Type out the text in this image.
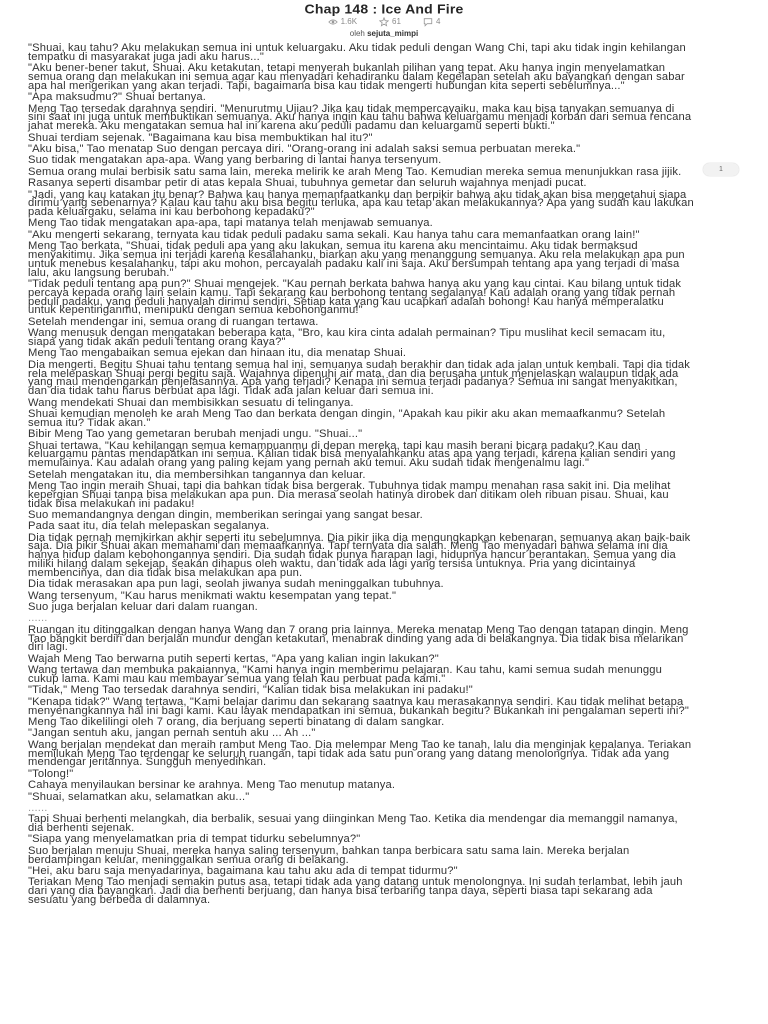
Chap 148 : Ice And Fire
1.6K	61	4
oleh sejuta_mimpi

"Shuai, kau tahu? Aku melakukan semua ini untuk keluargaku. Aku tidak peduli dengan Wang Chi, tapi aku tidak ingin kehilangan tempatku di masyarakat juga jadi aku harus..."

"Aku bener-bener takut, Shuai. Aku ketakutan, tetapi menyerah bukanlah pilihan yang tepat. Aku hanya ingin menyelamatkan semua orang dan melakukan ini semua agar kau menyadari kehadiranku dalam kegelapan setelah aku bayangkan dengan sabar apa hal mengerikan yang akan terjadi. Tapi, bagaimana bisa kau tidak mengerti hubungan kita seperti sebelumnya..."

"Apa maksudmu?" Shuai bertanya.

Meng Tao tersedak darahnya sendiri. "Menurutmu Ujiau? Jika kau tidak mempercayaiku, maka kau bisa tanyakan semuanya di sini saat ini juga untuk membuktikan semuanya. Aku hanya ingin kau tahu bahwa keluargamu menjadi korban dari semua rencana jahat mereka. Aku mengatakan semua hal ini karena aku peduli padamu dan keluargamu seperti bukti."

Shuai terdiam sejenak. "Bagaimana kau bisa membuktikan hal itu?"

"Aku bisa," Tao menatap Suo dengan percaya diri. "Orang-orang ini adalah saksi semua perbuatan mereka."

Suo tidak mengatakan apa-apa. Wang yang berbaring di lantai hanya tersenyum.

Semua orang mulai berbisik satu sama lain, mereka melirik ke arah Meng Tao. Kemudian mereka semua menunjukkan rasa jijik.

Rasanya seperti disambar petir di atas kepala Shuai, tubuhnya gemetar dan seluruh wajahnya menjadi pucat.

"Jadi, yang kau katakan itu benar? Bahwa kau hanya memanfaatkanku dan berpikir bahwa aku tidak akan bisa mengetahui siapa dirimu yang sebenarnya? Kalau kau tahu aku bisa begitu terluka, apa kau tetap akan melakukannya? Apa yang sudah kau lakukan pada keluargaku, selama ini kau berbohong kepadaku?"

Meng Tao tidak mengatakan apa-apa, tapi matanya telah menjawab semuanya.

"Aku mengerti sekarang, ternyata kau tidak peduli padaku sama sekali. Kau hanya tahu cara memanfaatkan orang lain!"

Meng Tao berkata, "Shuai, tidak peduli apa yang aku lakukan, semua itu karena aku mencintaimu. Aku tidak bermaksud menyakitimu. Jika semua ini terjadi karena kesalahanku, biarkan aku yang menanggung semuanya. Aku rela melakukan apa pun untuk menebus kesalahanku, tapi aku mohon, percayalah padaku kali ini saja. Aku bersumpah tentang apa yang terjadi di masa lalu, aku langsung berubah."

"Tidak peduli tentang apa pun?" Shuai mengejek. "Kau pernah berkata bahwa hanya aku yang kau cintai. Kau bilang untuk tidak percaya kepada orang lain selain kamu. Tapi sekarang kau berbohong tentang segalanya! Kau adalah orang yang tidak pernah peduli padaku, yang peduli hanyalah dirimu sendiri. Setiap kata yang kau ucapkan adalah bohong! Kau hanya memperalatku untuk kepentinganmu, menipuku dengan semua kebohonganmu!"

Setelah mendengar ini, semua orang di ruangan tertawa.

Wang menusuk dengan mengatakan beberapa kata, "Bro, kau kira cinta adalah permainan? Tipu muslihat kecil semacam itu, siapa yang tidak akan peduli tentang orang kaya?"

Meng Tao mengabaikan semua ejekan dan hinaan itu, dia menatap Shuai.

Dia mengerti. Begitu Shuai tahu tentang semua hal ini, semuanya sudah berakhir dan tidak ada jalan untuk kembali. Tapi dia tidak rela melepaskan Shuai pergi begitu saja. Wajahnya dipenuhi air mata, dan dia berusaha untuk menjelaskan walaupun tidak ada yang mau mendengarkan penjelasannya. Apa yang terjadi? Kenapa ini semua terjadi padanya? Semua ini sangat menyakitkan, dan dia tidak tahu harus berbuat apa lagi. Tidak ada jalan keluar dari semua ini.

Wang mendekati Shuai dan membisikkan sesuatu di telinganya.

Shuai kemudian menoleh ke arah Meng Tao dan berkata dengan dingin, "Apakah kau pikir aku akan memaafkanmu? Setelah semua itu? Tidak akan."

Bibir Meng Tao yang gemetaran berubah menjadi ungu. "Shuai..."

Shuai tertawa, "Kau kehilangan semua kemampuanmu di depan mereka, tapi kau masih berani bicara padaku? Kau dan keluargamu pantas mendapatkan ini semua. Kalian tidak bisa menyalahkanku atas apa yang terjadi, karena kalian sendiri yang memulainya. Kau adalah orang yang paling kejam yang pernah aku temui. Aku sudah tidak mengenalmu lagi."

Setelah mengatakan itu, dia membersihkan tangannya dan keluar.

Meng Tao ingin meraih Shuai, tapi dia bahkan tidak bisa bergerak. Tubuhnya tidak mampu menahan rasa sakit ini. Dia melihat kepergian Shuai tanpa bisa melakukan apa pun. Dia merasa seolah hatinya dirobek dan ditikam oleh ribuan pisau. Shuai, kau tidak bisa melakukan ini padaku!

Suo memandangnya dengan dingin, memberikan seringai yang sangat besar.

Pada saat itu, dia telah melepaskan segalanya.

Dia tidak pernah memikirkan akhir seperti itu sebelumnya. Dia pikir jika dia mengungkapkan kebenaran, semuanya akan baik-baik saja. Dia pikir Shuai akan memahami dan memaafkannya. Tapi ternyata dia salah. Meng Tao menyadari bahwa selama ini dia hanya hidup dalam kebohongannya sendiri. Dia sudah tidak punya harapan lagi, hidupnya hancur berantakan. Semua yang dia miliki hilang dalam sekejap, seakan dihapus oleh waktu, dan tidak ada lagi yang tersisa untuknya. Pria yang dicintainya membencinya, dan dia tidak bisa melakukan apa pun.

Dia tidak merasakan apa pun lagi, seolah jiwanya sudah meninggalkan tubuhnya.

Wang tersenyum, "Kau harus menikmati waktu kesempatan yang tepat."

Suo juga berjalan keluar dari dalam ruangan.

......

Ruangan itu ditinggalkan dengan hanya Wang dan 7 orang pria lainnya. Mereka menatap Meng Tao dengan tatapan dingin. Meng Tao bangkit berdiri dan berjalan mundur dengan ketakutan, menabrak dinding yang ada di belakangnya. Dia tidak bisa melarikan diri lagi.

Wajah Meng Tao berwarna putih seperti kertas, "Apa yang kalian ingin lakukan?"

Wang tertawa dan membuka pakaiannya, "Kami hanya ingin memberimu pelajaran. Kau tahu, kami semua sudah menunggu cukup lama. Kami mau kau membayar semua yang telah kau perbuat pada kami."

"Tidak," Meng Tao tersedak darahnya sendiri, "Kalian tidak bisa melakukan ini padaku!"

"Kenapa tidak?" Wang tertawa, "Kami belajar darimu dan sekarang saatnya kau merasakannya sendiri. Kau tidak melihat betapa menyenangkannya hal ini bagi kami. Kau layak mendapatkan ini semua, bukankah begitu? Bukankah ini pengalaman seperti ini?"

Meng Tao dikelilingi oleh 7 orang, dia berjuang seperti binatang di dalam sangkar.

"Jangan sentuh aku, jangan pernah sentuh aku ... Ah ..."

Wang berjalan mendekat dan meraih rambut Meng Tao. Dia melempar Meng Tao ke tanah, lalu dia menginjak kepalanya. Teriakan memilukan Meng Tao terdengar ke seluruh ruangan, tapi tidak ada satu pun orang yang datang menolongnya. Tidak ada yang mendengar jeritannya. Sungguh menyedihkan.

"Tolong!"

Cahaya menyilaukan bersinar ke arahnya. Meng Tao menutup matanya.

"Shuai, selamatkan aku, selamatkan aku..."

......

Tapi Shuai berhenti melangkah, dia berbalik, sesuai yang diinginkan Meng Tao. Ketika dia mendengar dia memanggil namanya, dia berhenti sejenak.

"Siapa yang menyelamatkan pria di tempat tidurku sebelumnya?"

Suo berjalan menuju Shuai, mereka hanya saling tersenyum, bahkan tanpa berbicara satu sama lain. Mereka berjalan berdampingan keluar, meninggalkan semua orang di belakang.

"Hei, aku baru saja menyadarinya, bagaimana kau tahu aku ada di tempat tidurmu?"

Teriakan Meng Tao menjadi semakin putus asa, tetapi tidak ada yang datang untuk menolongnya. Ini sudah terlambat, lebih jauh dari yang dia bayangkan. Jadi dia berhenti berjuang, dan hanya bisa terbaring tanpa daya, seperti biasa tapi sekarang ada sesuatu yang berbeda di dalamnya.

1
